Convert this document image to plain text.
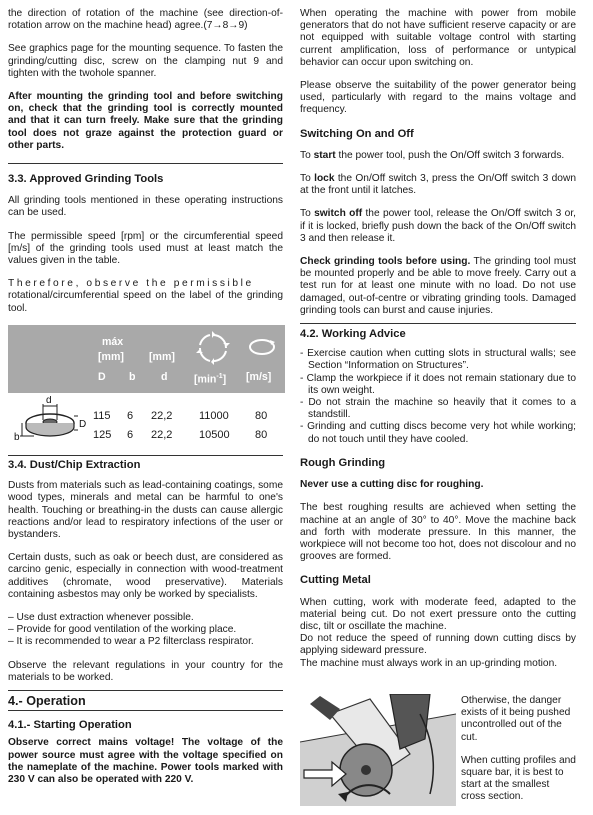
the direction of rotation of the machine (see direction-of-rotation arrow on the machine head) agree.(7→8→9)

See graphics page for the mounting sequence. To fasten the grinding/cutting disc, screw on the clamping nut 9 and tighten with the twohole spanner.

After mounting the grinding tool and before switching on, check that the grinding tool is correctly mounted and that it can turn freely. Make sure that the grinding tool does not graze against the protection guard or other parts.

3.3. Approved Grinding Tools

All grinding tools mentioned in these operating instructions can be used.

The permissible speed [rpm] or the circumferential speed [m/s] of the grinding tools used must at least match the values given in the table.

Therefore, observe the permissible
rotational/circumferential speed on the label of the grinding tool.

máx
[mm] [mm]
D b d	$[\min^{-1}]$ [m/s]
d
D
b
115 6 22,2 11000 80
125 6 22,2 10500 80
3.4. Dust/Chip Extraction

Dusts from materials such as lead-containing coatings, some wood types, minerals and metal can be harmful to one's health. Touching or breathing-in the dusts can cause allergic reactions and/or lead to respiratory infections of the user or bystanders.

Certain dusts, such as oak or beech dust, are considered as carcino genic, especially in connection with wood-treatment additives (chromate, wood preservative). Materials containing asbestos may only be worked by specialists.

– Use dust extraction whenever possible.
– Provide for good ventilation of the working place.
– It is recommended to wear a P2 filterclass respirator.

Observe the relevant regulations in your country for the materials to be worked.

4.- Operation
4.1.- Starting Operation

Observe correct mains voltage! The voltage of the power source must agree with the voltage specified on the nameplate of the machine. Power tools marked with 230 V can also be operated with 220 V.

When operating the machine with power from mobile generators that do not have sufficient reserve capacity or are not equipped with suitable voltage control with starting current amplification, loss of performance or untypical behavior can occur upon switching on.

Please observe the suitability of the power generator being used, particularly with regard to the mains voltage and frequency.

Switching On and Off

To start the power tool, push the On/Off switch 3 forwards.

To lock the On/Off switch 3, press the On/Off switch 3 down at the front until it latches.

To switch off the power tool, release the On/Off switch 3 or, if it is locked, briefly push down the back of the On/Off switch 3 and then release it.

Check grinding tools before using. The grinding tool must be mounted properly and be able to move freely. Carry out a test run for at least one minute with no load. Do not use damaged, out-of-centre or vibrating grinding tools. Damaged grinding tools can burst and cause injuries.

4.2. Working Advice
- Exercise caution when cutting slots in structural walls; see Section “Information on Structures”.
- Clamp the workpiece if it does not remain stationary due to its own weight.
- Do not strain the machine so heavily that it comes to a standstill.
- Grinding and cutting discs become very hot while working; do not touch until they have cooled.
Rough Grinding

Never use a cutting disc for roughing.

The best roughing results are achieved when setting the machine at an angle of 30° to 40°. Move the machine back and forth with moderate pressure. In this manner, the workpiece will not become too hot, does not discolour and no grooves are formed.

Cutting Metal

When cutting, work with moderate feed, adapted to the material being cut. Do not exert pressure onto the cutting disc, tilt or oscillate the machine.

Do not reduce the speed of running down cutting discs by applying sideward pressure.

The machine must always work in an up-grinding motion.

Otherwise, the danger exists of it being pushed uncontrolled out of the cut.

When cutting profiles and square bar, it is best to start at the smallest cross section.
